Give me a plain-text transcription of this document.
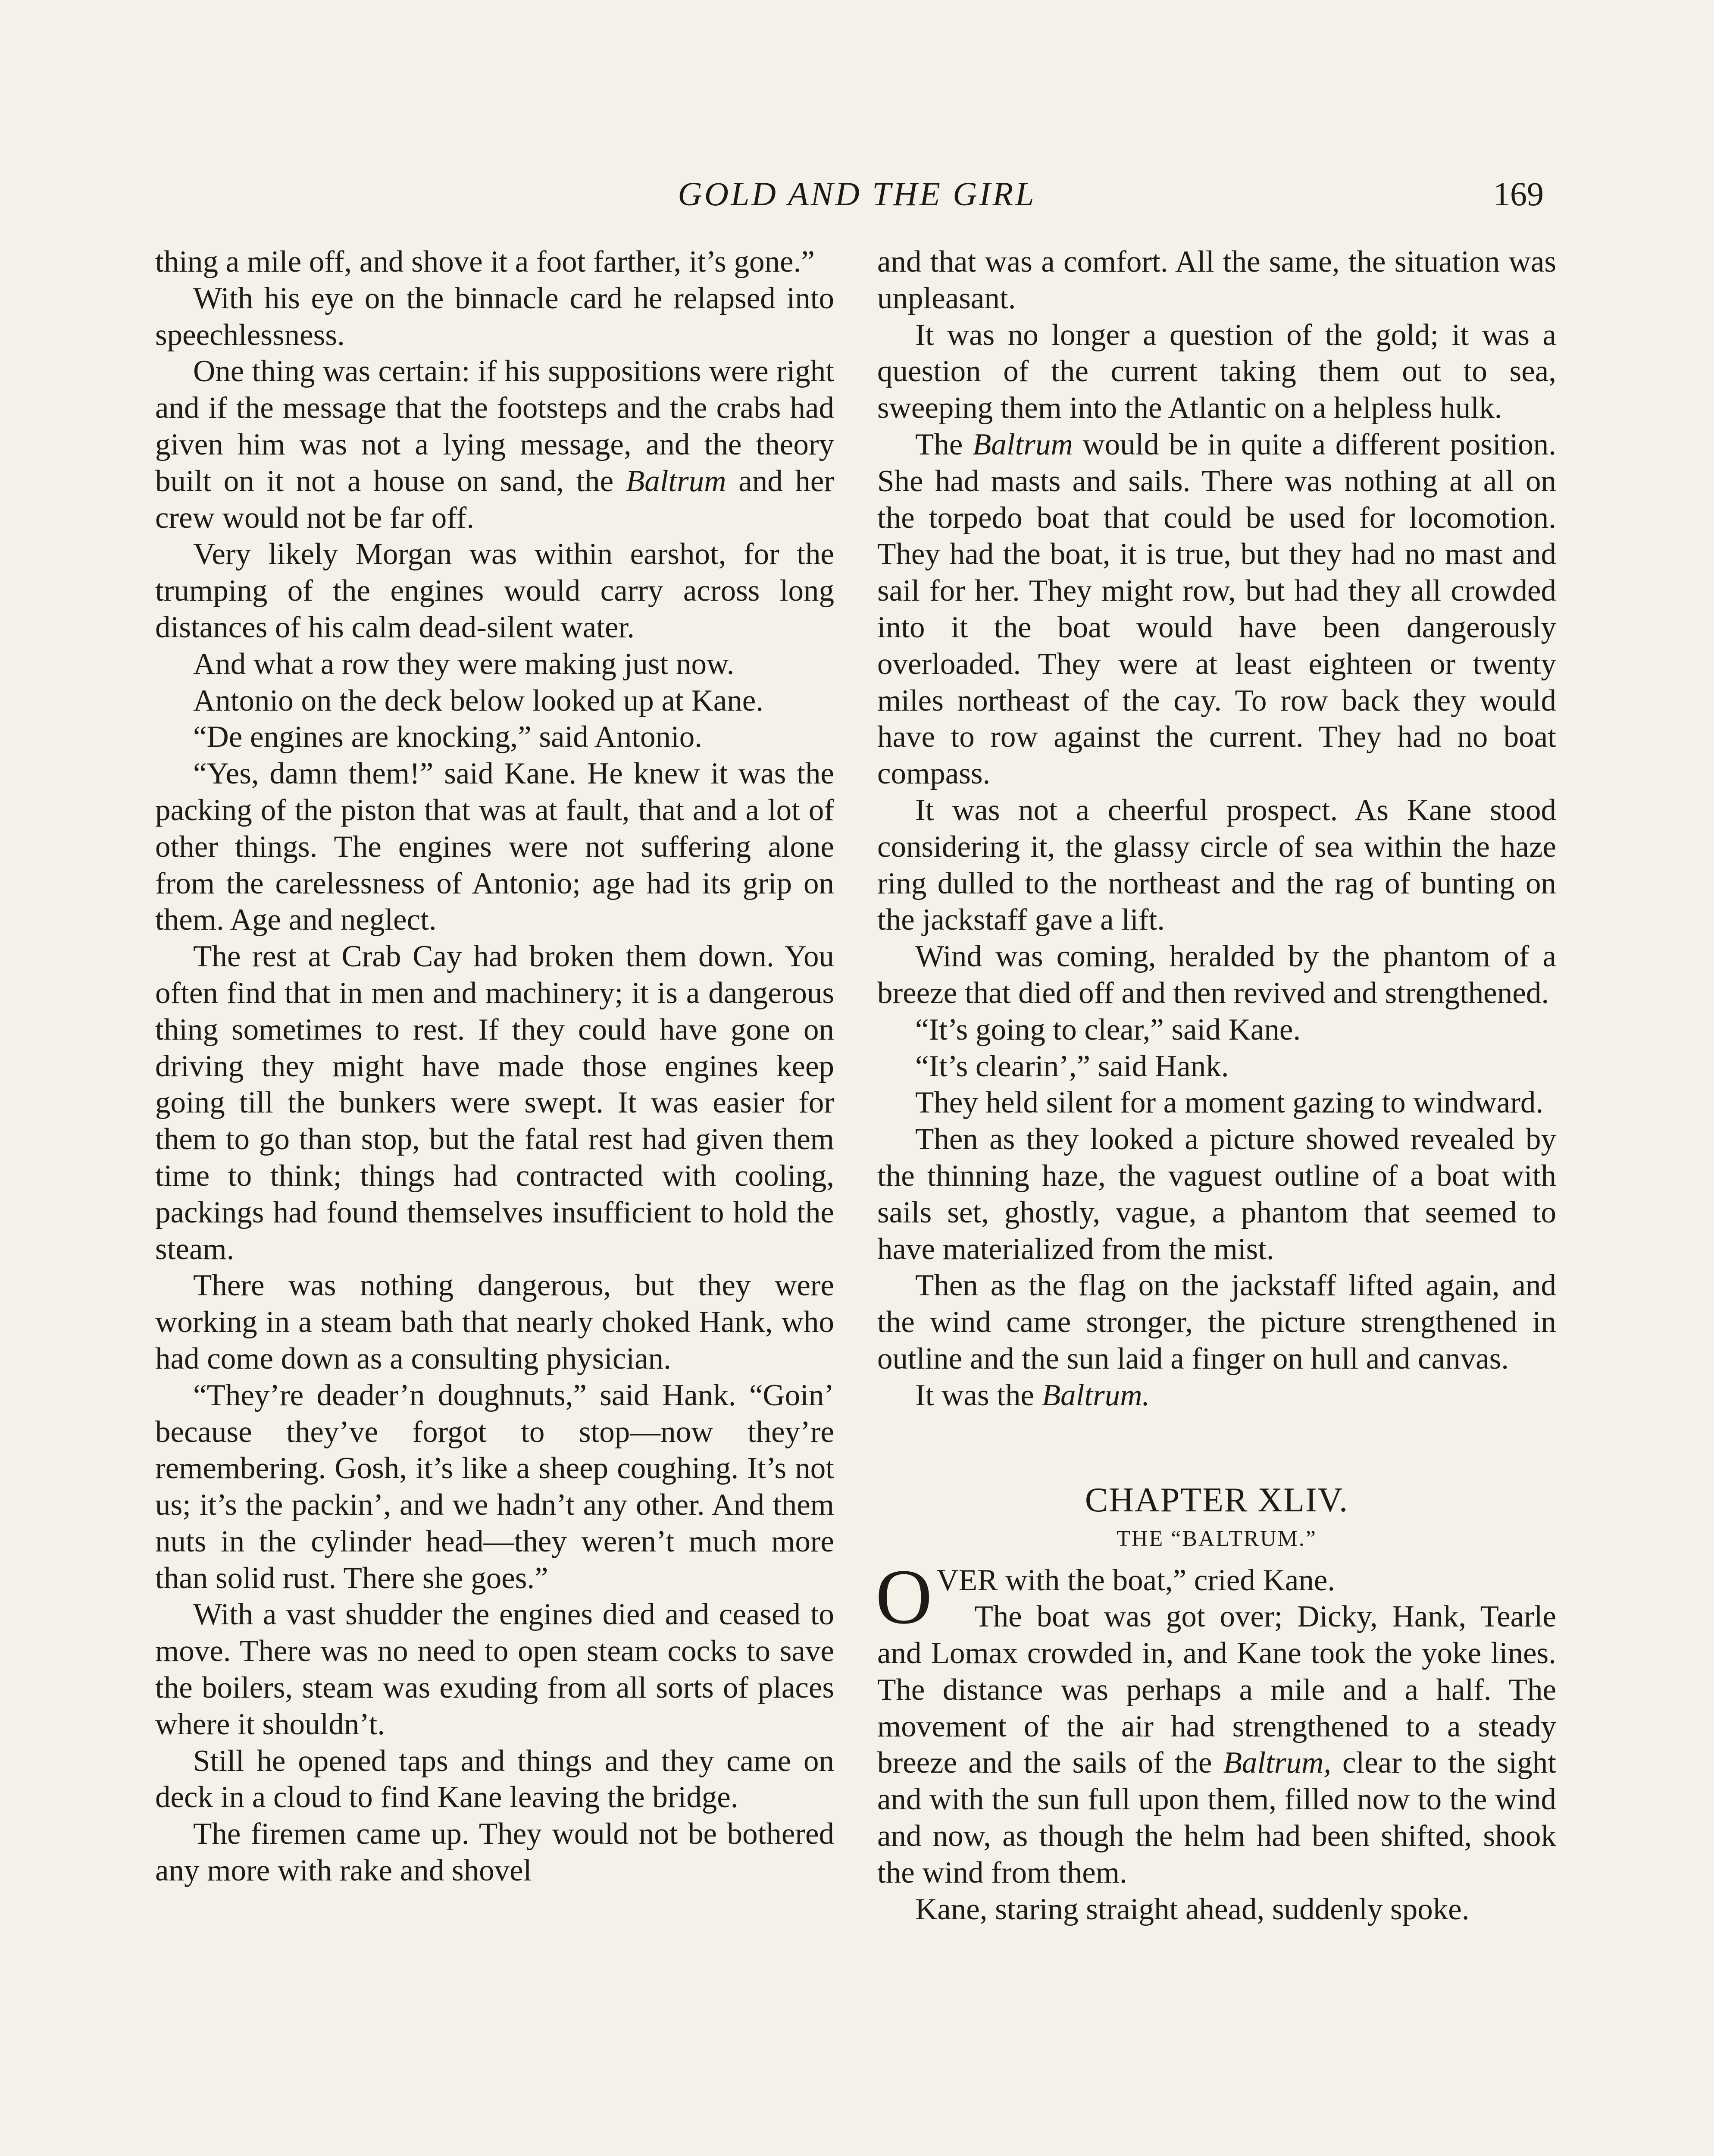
GOLD AND THE GIRL	169

thing a mile off, and shove it a foot farther, it’s gone.”

With his eye on the binnacle card he relapsed into speechlessness.

One thing was certain: if his suppositions were right and if the message that the footsteps and the crabs had given him was not a lying message, and the theory built on it not a house on sand, the Baltrum and her crew would not be far off.

Very likely Morgan was within earshot, for the trumping of the engines would carry across long distances of his calm dead-silent water.

And what a row they were making just now.

Antonio on the deck below looked up at Kane.

“De engines are knocking,” said Antonio.

“Yes, damn them!” said Kane. He knew it was the packing of the piston that was at fault, that and a lot of other things. The engines were not suffering alone from the carelessness of Antonio; age had its grip on them. Age and neglect.

The rest at Crab Cay had broken them down. You often find that in men and machinery; it is a dangerous thing sometimes to rest. If they could have gone on driving they might have made those engines keep going till the bunkers were swept. It was easier for them to go than stop, but the fatal rest had given them time to think; things had contracted with cooling, packings had found themselves insufficient to hold the steam.

There was nothing dangerous, but they were working in a steam bath that nearly choked Hank, who had come down as a consulting physician.

“They’re deader’n doughnuts,” said Hank. “Goin’ because they’ve forgot to stop—now they’re remembering. Gosh, it’s like a sheep coughing. It’s not us; it’s the packin’, and we hadn’t any other. And them nuts in the cylinder head—they weren’t much more than solid rust. There she goes.”

With a vast shudder the engines died and ceased to move. There was no need to open steam cocks to save the boilers, steam was exuding from all sorts of places where it shouldn’t.

Still he opened taps and things and they came on deck in a cloud to find Kane leaving the bridge.

The firemen came up. They would not be bothered any more with rake and shovel

and that was a comfort. All the same, the situation was unpleasant.

It was no longer a question of the gold; it was a question of the current taking them out to sea, sweeping them into the Atlantic on a helpless hulk.

The Baltrum would be in quite a different position. She had masts and sails. There was nothing at all on the torpedo boat that could be used for locomotion. They had the boat, it is true, but they had no mast and sail for her. They might row, but had they all crowded into it the boat would have been dangerously overloaded. They were at least eighteen or twenty miles northeast of the cay. To row back they would have to row against the current. They had no boat compass.

It was not a cheerful prospect. As Kane stood considering it, the glassy circle of sea within the haze ring dulled to the northeast and the rag of bunting on the jackstaff gave a lift.

Wind was coming, heralded by the phantom of a breeze that died off and then revived and strengthened.

“It’s going to clear,” said Kane.

“It’s clearin’,” said Hank.

They held silent for a moment gazing to windward.

Then as they looked a picture showed revealed by the thinning haze, the vaguest outline of a boat with sails set, ghostly, vague, a phantom that seemed to have materialized from the mist.

Then as the flag on the jackstaff lifted again, and the wind came stronger, the picture strengthened in outline and the sun laid a finger on hull and canvas.

It was the Baltrum.

CHAPTER XLIV.

THE “BALTRUM.”

OVER with the boat,” cried Kane.

The boat was got over; Dicky, Hank, Tearle and Lomax crowded in, and Kane took the yoke lines. The distance was perhaps a mile and a half. The movement of the air had strengthened to a steady breeze and the sails of the Baltrum, clear to the sight and with the sun full upon them, filled now to the wind and now, as though the helm had been shifted, shook the wind from them.

Kane, staring straight ahead, suddenly spoke.
